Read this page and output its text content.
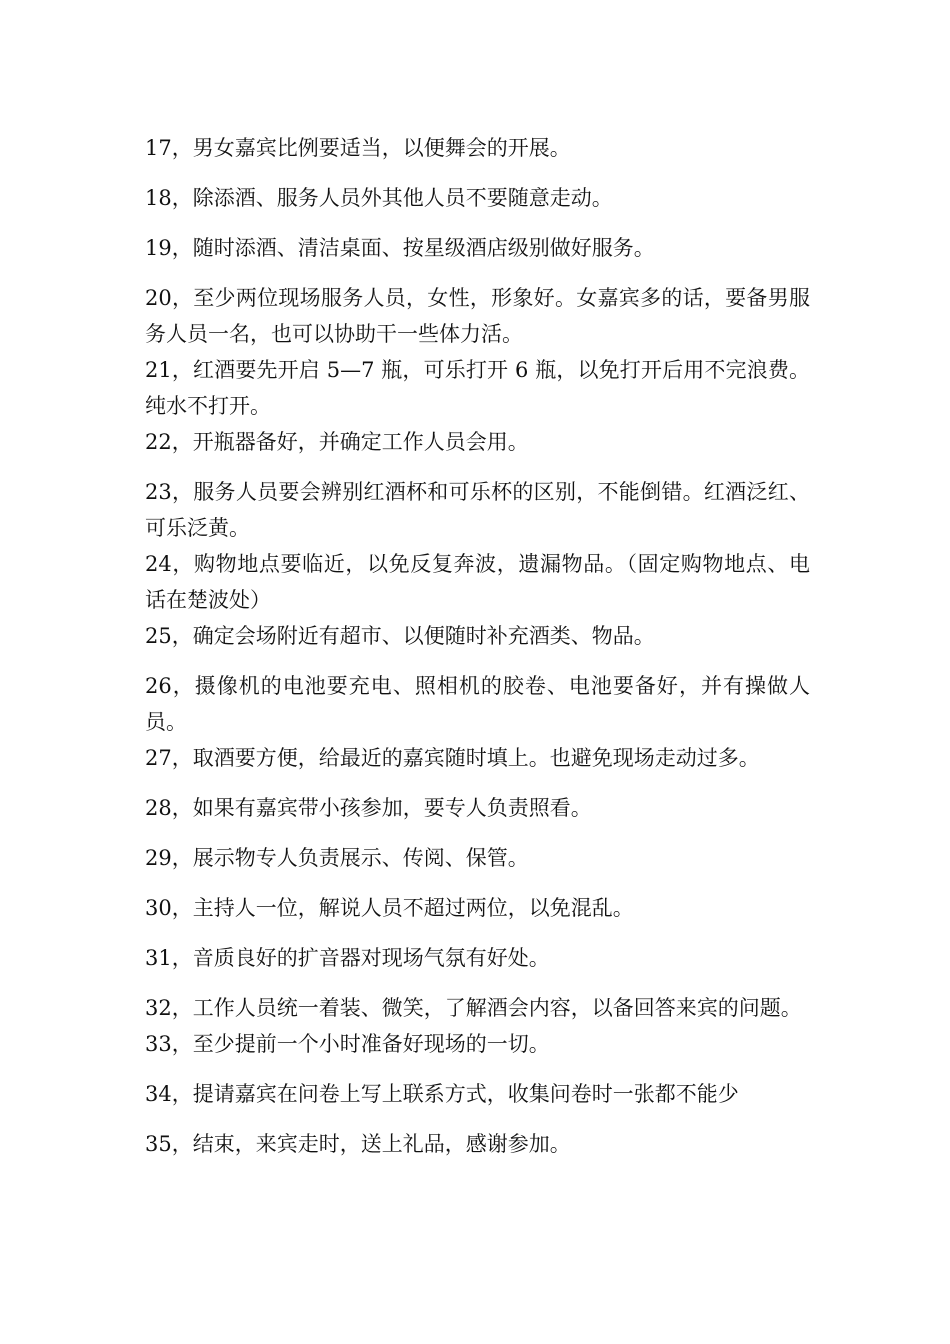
17，男女嘉宾比例要适当，以便舞会的开展。

18，除添酒、服务人员外其他人员不要随意走动。

19，随时添酒、清洁桌面、按星级酒店级别做好服务。

20，至少两位现场服务人员，女性，形象好。女嘉宾多的话，要备男服务人员一名，也可以协助干一些体力活。

21，红酒要先开启 5—7 瓶，可乐打开 6 瓶，以免打开后用不完浪费。纯水不打开。

22，开瓶器备好，并确定工作人员会用。

23，服务人员要会辨别红酒杯和可乐杯的区别，不能倒错。红酒泛红、可乐泛黄。

24，购物地点要临近，以免反复奔波，遗漏物品。（固定购物地点、电话在楚波处）

25，确定会场附近有超市、以便随时补充酒类、物品。

26，摄像机的电池要充电、照相机的胶卷、电池要备好，并有操做人员。

27，取酒要方便，给最近的嘉宾随时填上。也避免现场走动过多。

28，如果有嘉宾带小孩参加，要专人负责照看。

29，展示物专人负责展示、传阅、保管。

30，主持人一位，解说人员不超过两位，以免混乱。

31，音质良好的扩音器对现场气氛有好处。

32，工作人员统一着装、微笑，了解酒会内容，以备回答来宾的问题。

33，至少提前一个小时准备好现场的一切。

34，提请嘉宾在问卷上写上联系方式，收集问卷时一张都不能少

35，结束，来宾走时，送上礼品，感谢参加。
